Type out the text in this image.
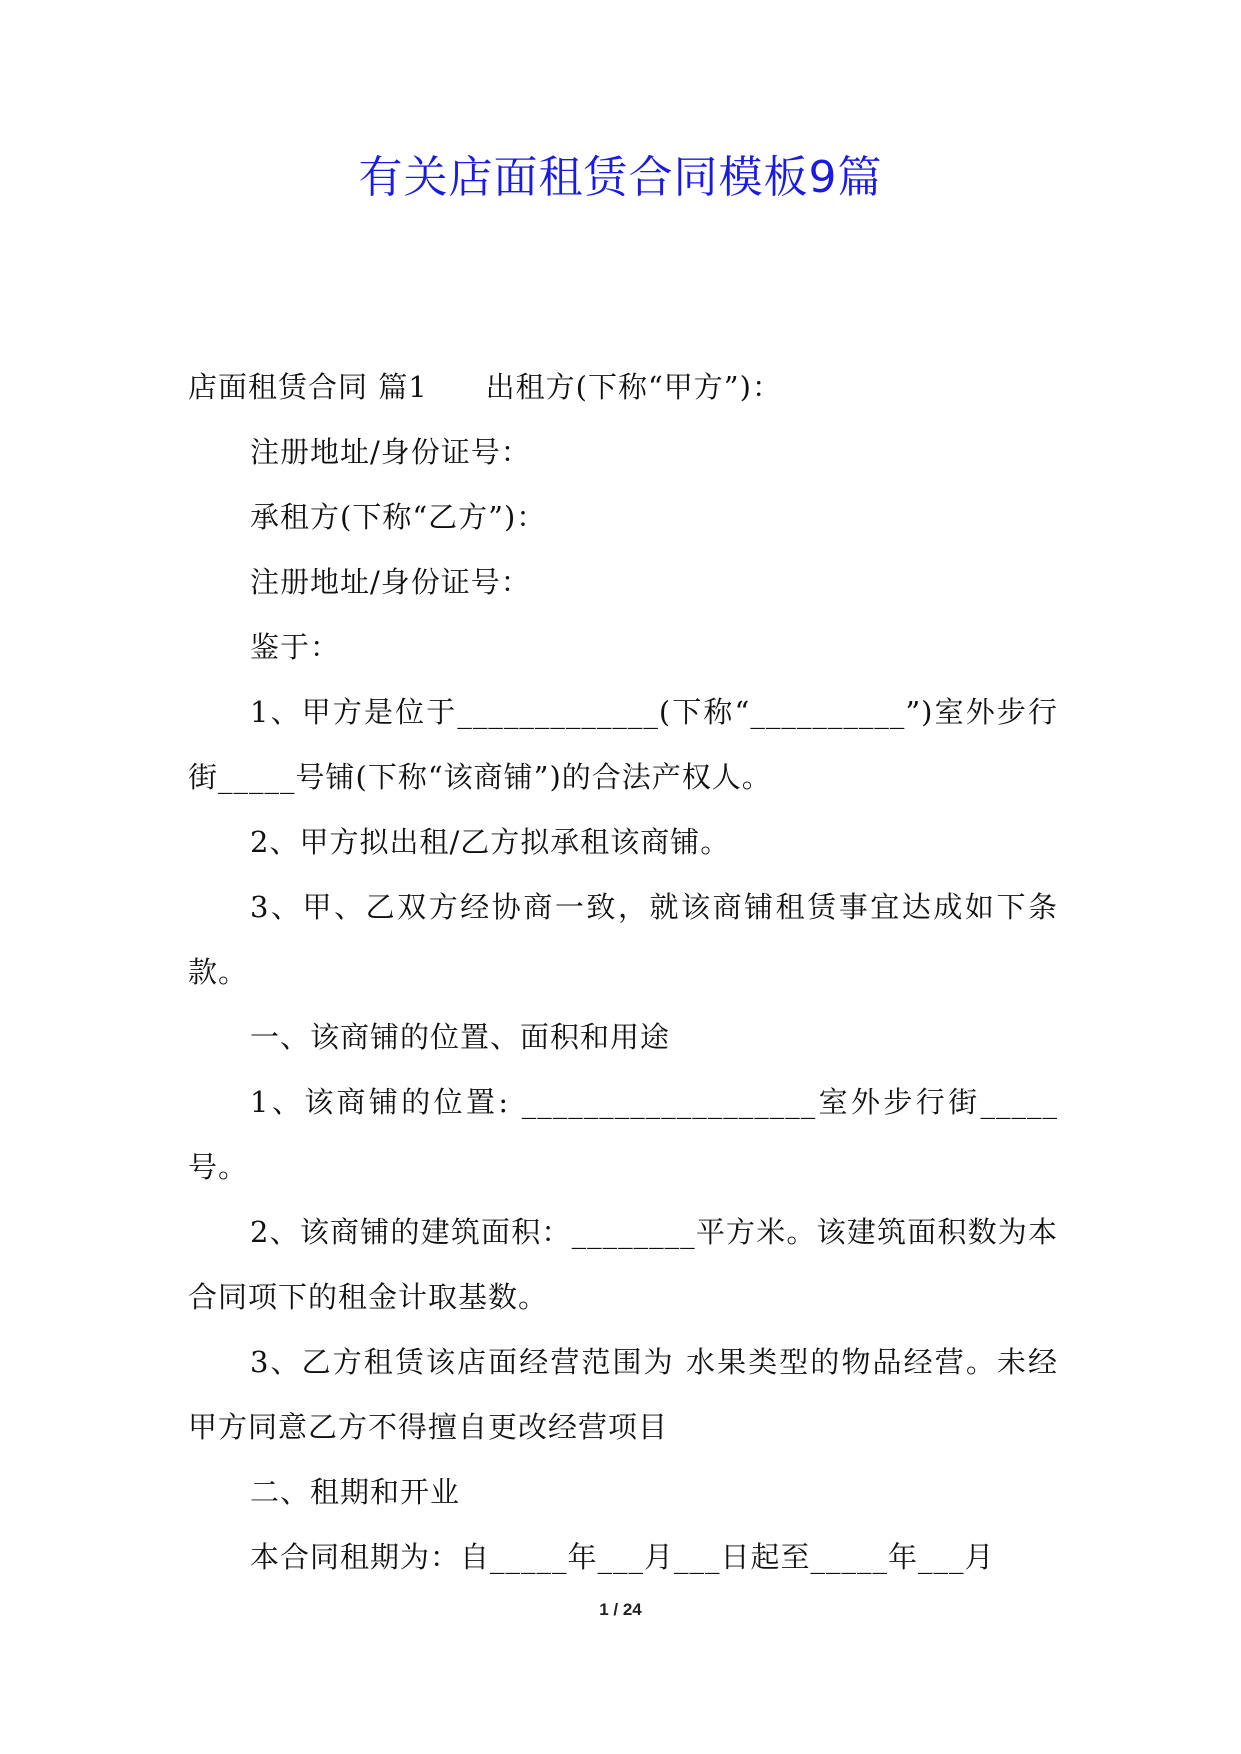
有关店面租赁合同模板9篇

店面租赁合同 篇1 出租方(下称“甲方”)：

注册地址/身份证号：

承租方(下称“乙方”)：

注册地址/身份证号：

鉴于：

1、甲方是位于_____________(下称“__________”)室外步行街_____号铺(下称“该商铺”)的合法产权人。

2、甲方拟出租/乙方拟承租该商铺。

3、甲、乙双方经协商一致，就该商铺租赁事宜达成如下条款。

一、该商铺的位置、面积和用途

1、该商铺的位置: ___________________室外步行街_____号。

2、该商铺的建筑面积：________平方米。该建筑面积数为本合同项下的租金计取基数。

3、乙方租赁该店面经营范围为 水果类型的物品经营。未经甲方同意乙方不得擅自更改经营项目

二、租期和开业

本合同租期为：自_____年___月___日起至_____年___月

1 / 24
